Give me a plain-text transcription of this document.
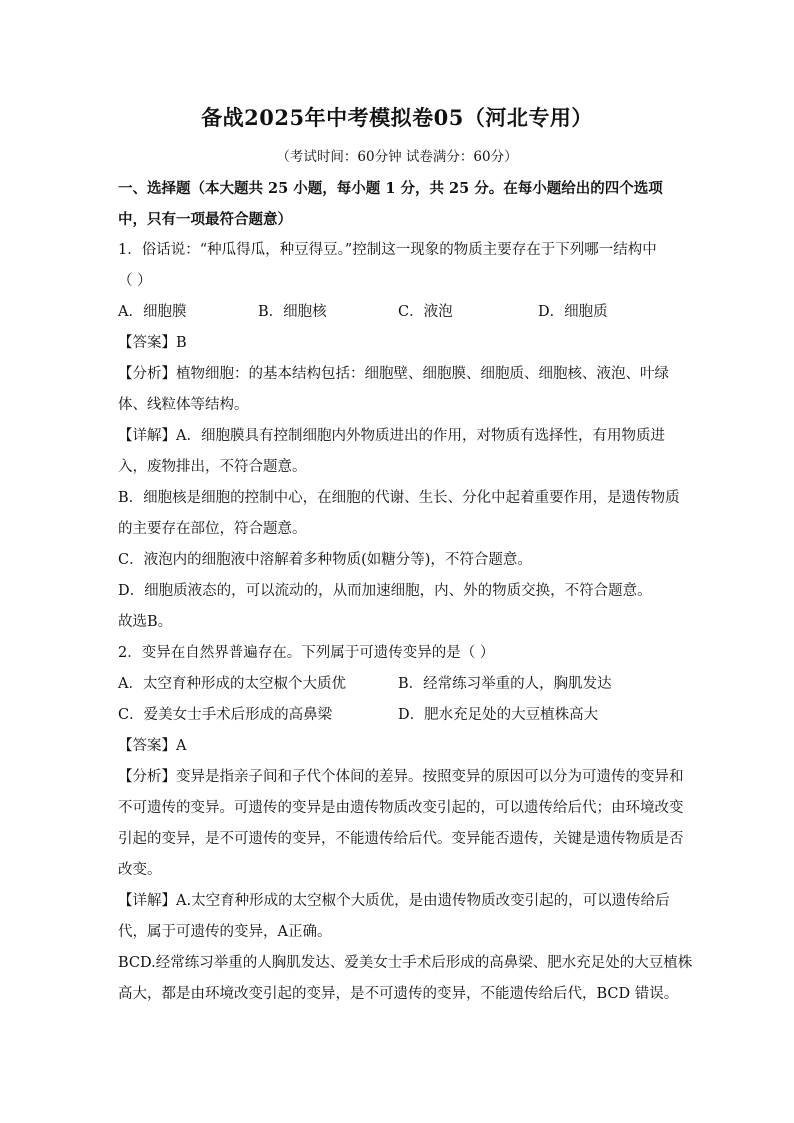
备战2025年中考模拟卷05（河北专用）
（考试时间：60分钟 试卷满分：60分）
一、选择题（本大题共 25 小题，每小题 1 分，共 25 分。在每小题给出的四个选项
中，只有一项最符合题意）
1．俗话说：“种瓜得瓜，种豆得豆。”控制这一现象的物质主要存在于下列哪一结构中
（ ）
A．细胞膜	B．细胞核	C．液泡	D．细胞质
【答案】B
【分析】植物细胞：的基本结构包括：细胞壁、细胞膜、细胞质、细胞核、液泡、叶绿
体、线粒体等结构。
【详解】A．细胞膜具有控制细胞内外物质进出的作用，对物质有选择性，有用物质进
入，废物排出，不符合题意。
B．细胞核是细胞的控制中心，在细胞的代谢、生长、分化中起着重要作用，是遗传物质
的主要存在部位，符合题意。
C．液泡内的细胞液中溶解着多种物质(如糖分等)，不符合题意。
D．细胞质液态的，可以流动的，从而加速细胞，内、外的物质交换，不符合题意。
故选B。
2．变异在自然界普遍存在。下列属于可遗传变异的是（ ）
A．太空育种形成的太空椒个大质优	B．经常练习举重的人，胸肌发达
C．爱美女士手术后形成的高鼻梁	D．肥水充足处的大豆植株高大
【答案】A
【分析】变异是指亲子间和子代个体间的差异。按照变异的原因可以分为可遗传的变异和
不可遗传的变异。可遗传的变异是由遗传物质改变引起的，可以遗传给后代；由环境改变
引起的变异，是不可遗传的变异，不能遗传给后代。变异能否遗传，关键是遗传物质是否
改变。
【详解】A.太空育种形成的太空椒个大质优，是由遗传物质改变引起的，可以遗传给后
代，属于可遗传的变异，A正确。
BCD.经常练习举重的人胸肌发达、爱美女士手术后形成的高鼻梁、肥水充足处的大豆植株
高大，都是由环境改变引起的变异，是不可遗传的变异，不能遗传给后代，BCD 错误。
